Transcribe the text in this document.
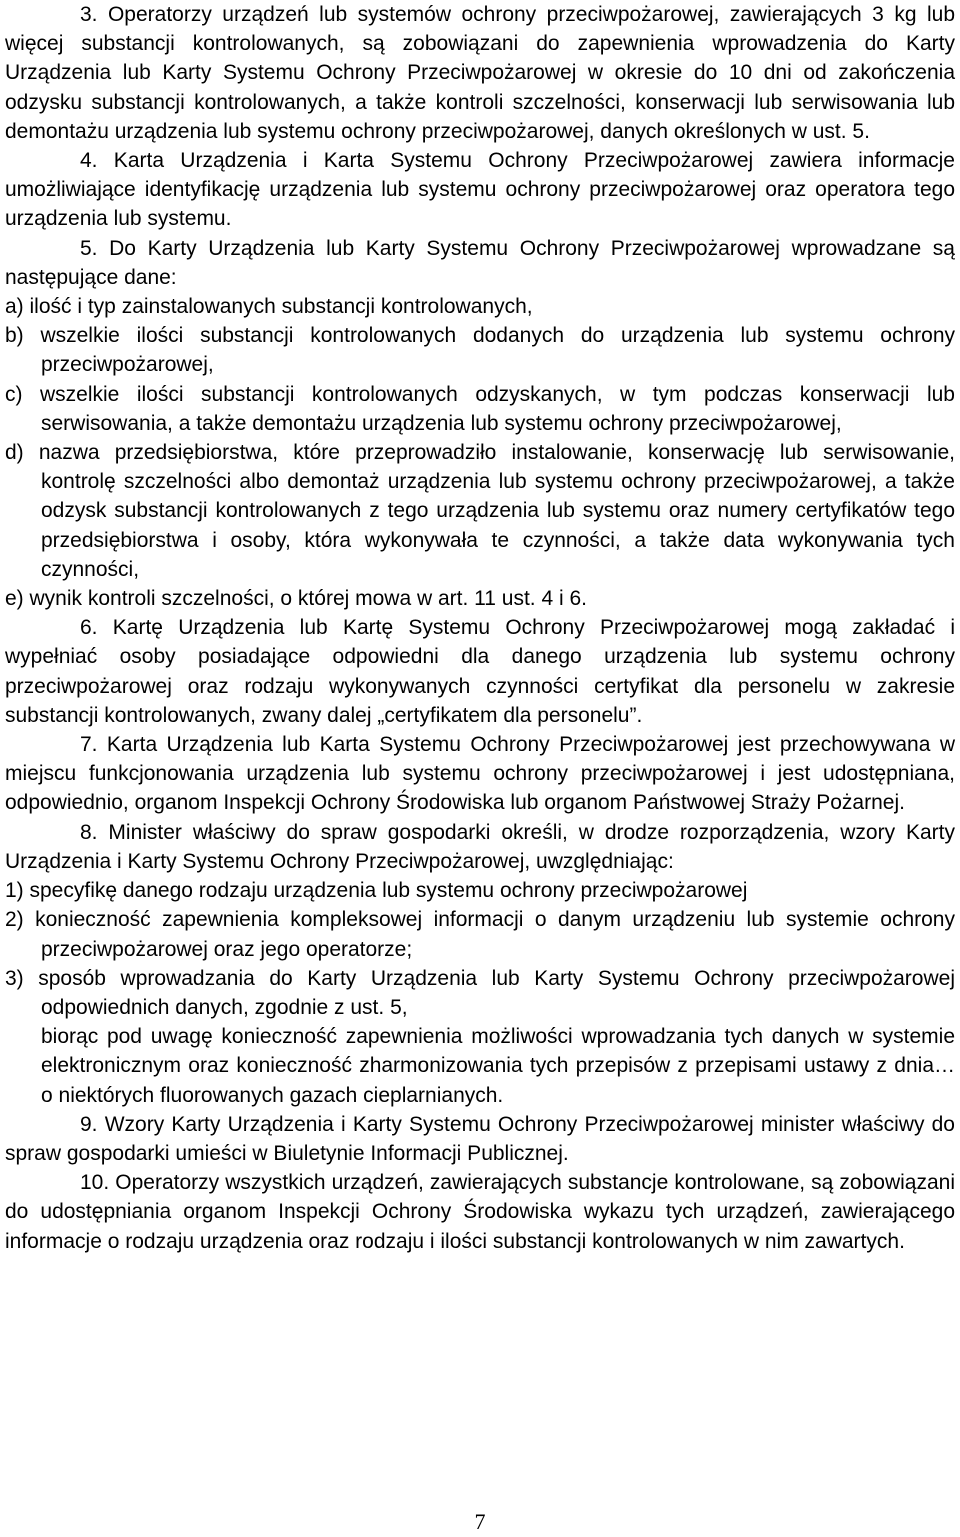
3. Operatorzy urządzeń lub systemów ochrony przeciwpożarowej, zawierających 3 kg lub więcej substancji kontrolowanych, są zobowiązani do zapewnienia wprowadzenia do Karty Urządzenia lub Karty Systemu Ochrony Przeciwpożarowej w okresie do 10 dni od zakończenia odzysku substancji kontrolowanych, a także kontroli szczelności, konserwacji lub serwisowania lub demontażu urządzenia lub systemu ochrony przeciwpożarowej, danych określonych w ust. 5.

4. Karta Urządzenia i Karta Systemu Ochrony Przeciwpożarowej zawiera informacje umożliwiające identyfikację urządzenia lub systemu ochrony przeciwpożarowej oraz operatora tego urządzenia lub systemu.

5. Do Karty Urządzenia lub Karty Systemu Ochrony Przeciwpożarowej wprowadzane są następujące dane:

a) ilość i typ zainstalowanych substancji kontrolowanych,

b) wszelkie ilości substancji kontrolowanych dodanych do urządzenia lub systemu ochrony przeciwpożarowej,

c) wszelkie ilości substancji kontrolowanych odzyskanych, w tym podczas konserwacji lub serwisowania, a także demontażu urządzenia lub systemu ochrony przeciwpożarowej,

d) nazwa przedsiębiorstwa, które przeprowadziło instalowanie, konserwację lub serwisowanie, kontrolę szczelności albo demontaż urządzenia lub systemu ochrony przeciwpożarowej, a także odzysk substancji kontrolowanych z tego urządzenia lub systemu oraz numery certyfikatów tego przedsiębiorstwa i osoby, która wykonywała te czynności, a także data wykonywania tych czynności,

e) wynik kontroli szczelności, o której mowa w art. 11 ust. 4 i 6.

6. Kartę Urządzenia lub Kartę Systemu Ochrony Przeciwpożarowej mogą zakładać i wypełniać osoby posiadające odpowiedni dla danego urządzenia lub systemu ochrony przeciwpożarowej oraz rodzaju wykonywanych czynności certyfikat dla personelu w zakresie substancji kontrolowanych, zwany dalej „certyfikatem dla personelu”.

7. Karta Urządzenia lub Karta Systemu Ochrony Przeciwpożarowej jest przechowywana w miejscu funkcjonowania urządzenia lub systemu ochrony przeciwpożarowej i jest udostępniana, odpowiednio, organom Inspekcji Ochrony Środowiska lub organom Państwowej Straży Pożarnej.

8. Minister właściwy do spraw gospodarki określi, w drodze rozporządzenia, wzory Karty Urządzenia i Karty Systemu Ochrony Przeciwpożarowej, uwzględniając:

1) specyfikę danego rodzaju urządzenia lub systemu ochrony przeciwpożarowej

2) konieczność zapewnienia kompleksowej informacji o danym urządzeniu lub systemie ochrony przeciwpożarowej oraz jego operatorze;

3) sposób wprowadzania do Karty Urządzenia lub Karty Systemu Ochrony przeciwpożarowej odpowiednich danych, zgodnie z ust. 5,

biorąc pod uwagę konieczność zapewnienia możliwości wprowadzania tych danych w systemie elektronicznym oraz konieczność zharmonizowania tych przepisów z przepisami ustawy z dnia… o niektórych fluorowanych gazach cieplarnianych.

9. Wzory Karty Urządzenia i Karty Systemu Ochrony Przeciwpożarowej minister właściwy do spraw gospodarki umieści w Biuletynie Informacji Publicznej.

10. Operatorzy wszystkich urządzeń, zawierających substancje kontrolowane, są zobowiązani do udostępniania organom Inspekcji Ochrony Środowiska wykazu tych urządzeń, zawierającego informacje o rodzaju urządzenia oraz rodzaju i ilości substancji kontrolowanych w nim zawartych.

7
